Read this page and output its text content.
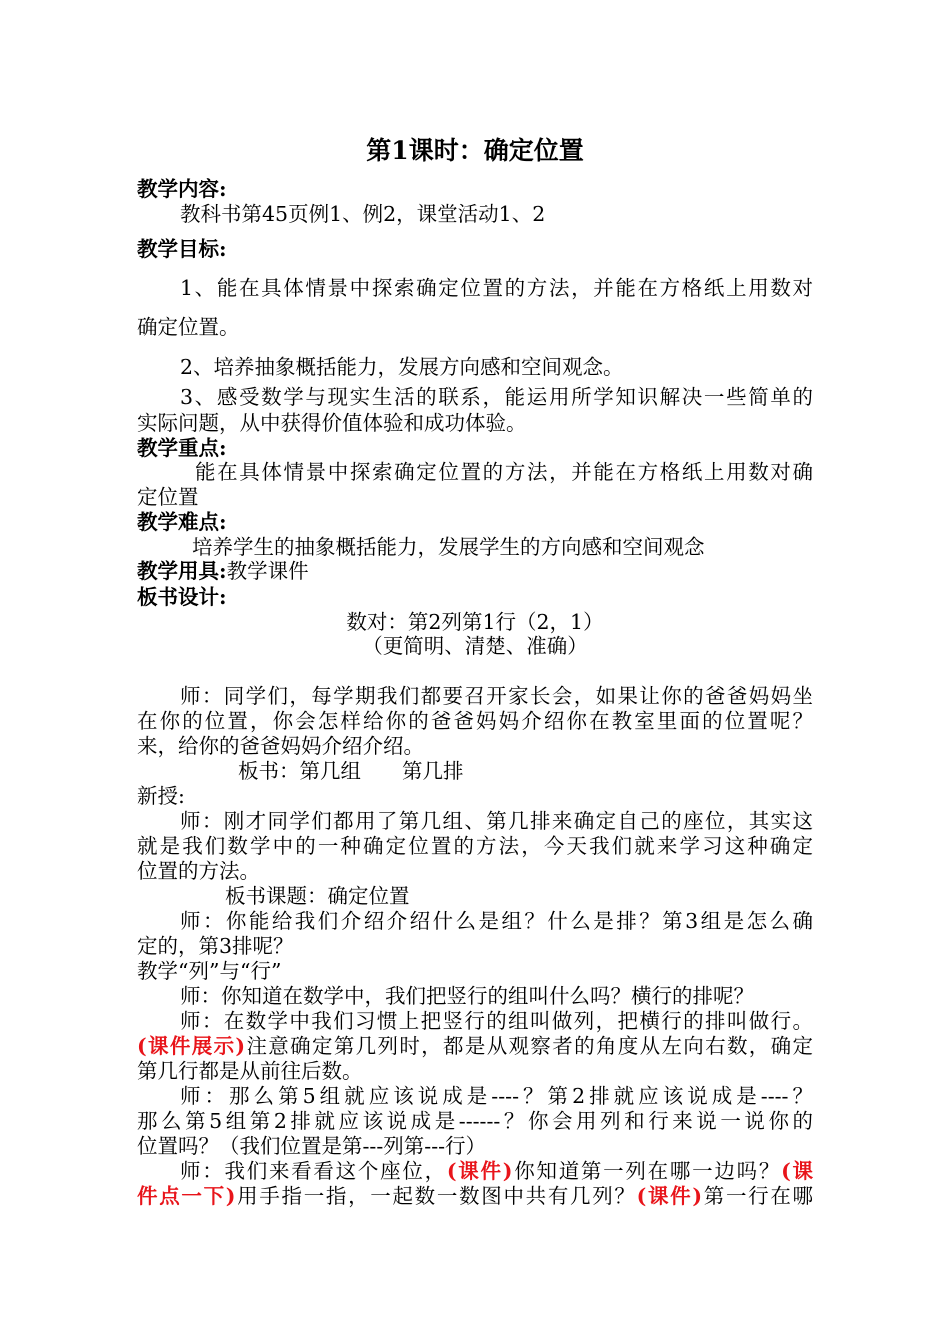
第1课时：确定位置
教学内容:
教科书第45页例1、例2，课堂活动1、2
教学目标:
1、能在具体情景中探索确定位置的方法，并能在方格纸上用数对
确定位置。
2、培养抽象概括能力，发展方向感和空间观念。
3、感受数学与现实生活的联系，能运用所学知识解决一些简单的
实际问题，从中获得价值体验和成功体验。
教学重点:
能在具体情景中探索确定位置的方法，并能在方格纸上用数对确
定位置
教学难点:
培养学生的抽象概括能力，发展学生的方向感和空间观念
教学用具:教学课件
板书设计:
数对：第2列第1行（2，1）
（更简明、清楚、准确）
师：同学们，每学期我们都要召开家长会，如果让你的爸爸妈妈坐
在你的位置，你会怎样给你的爸爸妈妈介绍你在教室里面的位置呢？
来，给你的爸爸妈妈介绍介绍。
板书：第几组　　第几排
新授:
师：刚才同学们都用了第几组、第几排来确定自己的座位，其实这
就是我们数学中的一种确定位置的方法，今天我们就来学习这种确定
位置的方法。
板书课题：确定位置
师：你能给我们介绍介绍什么是组？什么是排？第3组是怎么确
定的，第3排呢？
教学“列”与“行”
师：你知道在数学中，我们把竖行的组叫什么吗？横行的排呢？
师：在数学中我们习惯上把竖行的组叫做列，把横行的排叫做行。
(课件展示)注意确定第几列时，都是从观察者的角度从左向右数，确定
第几行都是从前往后数。
师：那么第5组就应该说成是----？第2排就应该说成是----？
那么第5组第2排就应该说成是------？你会用列和行来说一说你的
位置吗？（我们位置是第---列第---行）
师：我们来看看这个座位，(课件)你知道第一列在哪一边吗？(课
件点一下)用手指一指，一起数一数图中共有几列？(课件)第一行在哪
